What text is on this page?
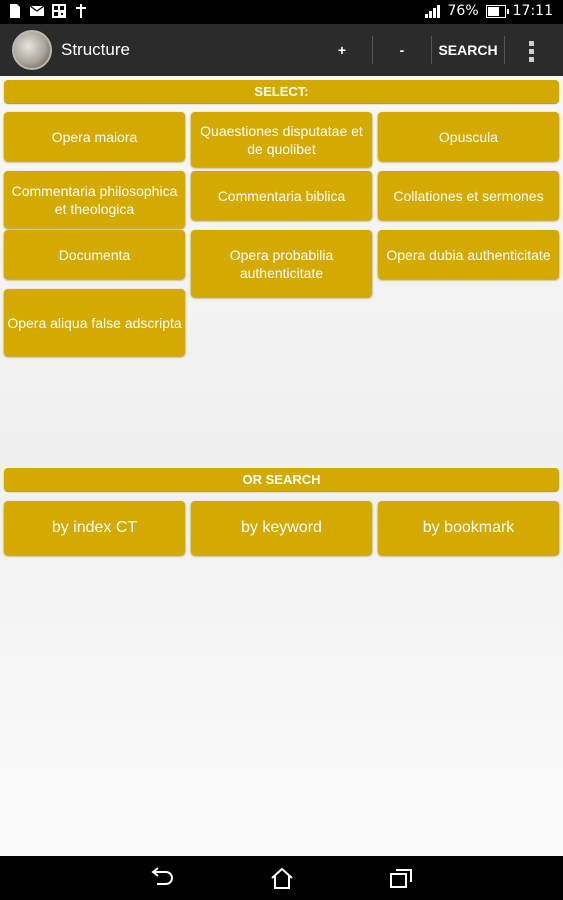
76% 17:11
Structure	+	-	SEARCH
SELECT:
Opera maiora	Quaestiones disputatae et de quolibet
Opuscula
Commentaria philosophica et theologica
Commentaria biblica	Collationes et sermones
Documenta	Opera probabilia authenticitate
Opera dubia authenticitate
Opera aliqua false adscripta
OR SEARCH
by index CT	by keyword	by bookmark
